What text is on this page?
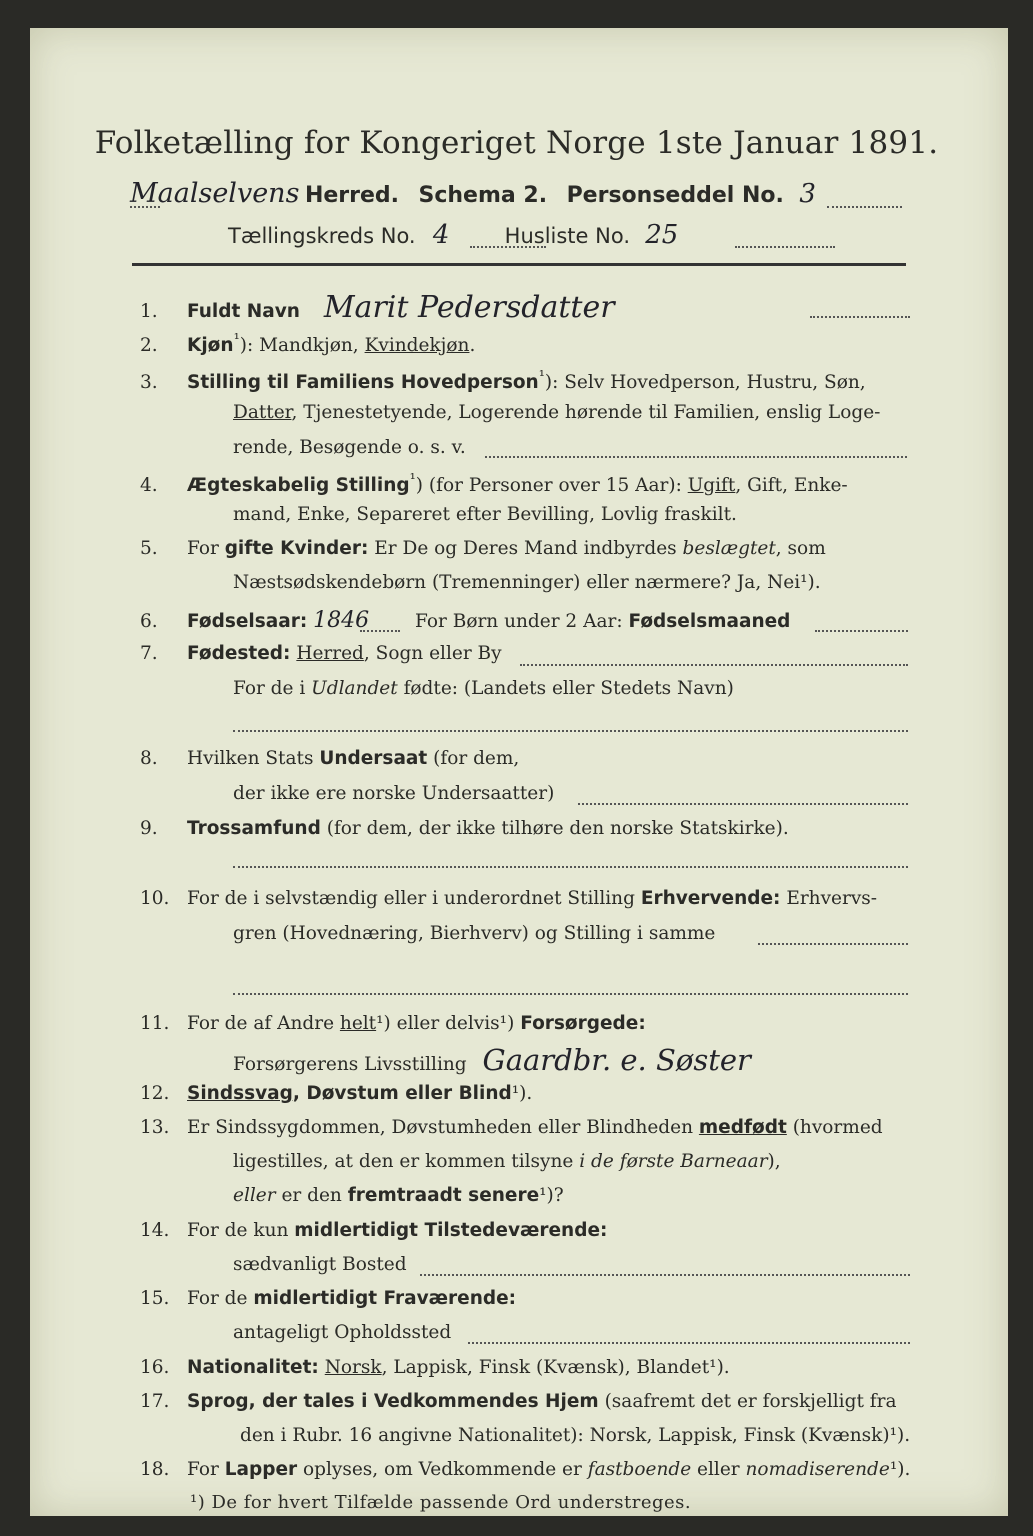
Folketælling for Kongeriget Norge 1ste Januar 1891.
Maalselvens Herred. Schema 2. Personseddel No. 3
Tællingskreds No. 4	Husliste No. 25
1. Fuldt Navn Marit Pedersdatter
2. Kjøn$^{^1}$): Mandkjøn, Kvindekjøn.
3. Stilling til Familiens Hovedperson$^{^1}$): Selv Hovedperson, Hustru, Søn,
Datter, Tjenestetyende, Logerende hørende til Familien, enslig Loge-
rende, Besøgende o. s. v.
4. Ægteskabelig Stilling$^{^1}$) (for Personer over 15 Aar): Ugift, Gift, Enke-
mand, Enke, Separeret efter Bevilling, Lovlig fraskilt.
5. For gifte Kvinder: Er De og Deres Mand indbyrdes beslægtet, som
Næstsødskendebørn (Tremenninger) eller nærmere? Ja, Nei¹).
6. Fødselsaar: 1846 For Børn under 2 Aar: Fødselsmaaned
7. Fødested: Herred, Sogn eller By
For de i Udlandet fødte: (Landets eller Stedets Navn)
8. Hvilken Stats Undersaat (for dem,
der ikke ere norske Undersaatter)
9. Trossamfund (for dem, der ikke tilhøre den norske Statskirke).
10. For de i selvstændig eller i underordnet Stilling Erhvervende: Erhvervs-
gren (Hovednæring, Bierhverv) og Stilling i samme
11. For de af Andre helt¹) eller delvis¹) Forsørgede:
Forsørgerens Livsstilling Gaardbr. e. Søster
12. Sindssvag, Døvstum eller Blind¹).
13. Er Sindssygdommen, Døvstumheden eller Blindheden medfødt (hvormed
ligestilles, at den er kommen tilsyne i de første Barneaar),
eller er den fremtraadt senere¹)?
14. For de kun midlertidigt Tilstedeværende:
sædvanligt Bosted
15. For de midlertidigt Fraværende:
antageligt Opholdssted
16. Nationalitet: Norsk, Lappisk, Finsk (Kvænsk), Blandet¹).
17. Sprog, der tales i Vedkommendes Hjem (saafremt det er forskjelligt fra
den i Rubr. 16 angivne Nationalitet): Norsk, Lappisk, Finsk (Kvænsk)¹).
18. For Lapper oplyses, om Vedkommende er fastboende eller nomadiserende¹).
¹) De for hvert Tilfælde passende Ord understreges.
